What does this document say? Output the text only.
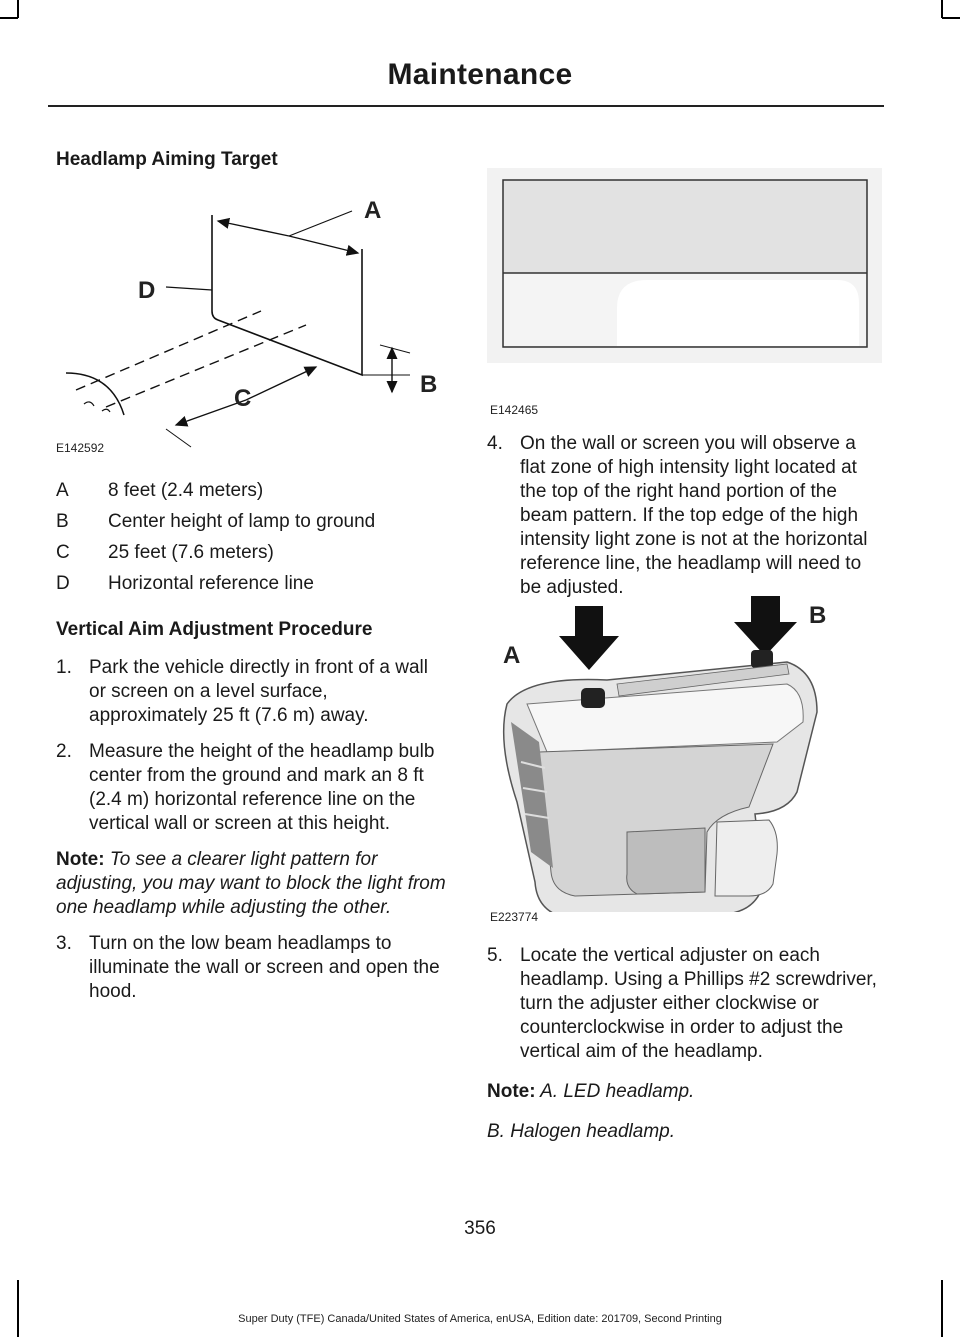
Maintenance
Headlamp Aiming Target
A
D
B
C
E142592
A	8 feet (2.4 meters)
B	Center height of lamp to ground
C	25 feet (7.6 meters)
D	Horizontal reference line
Vertical Aim Adjustment Procedure
1. Park the vehicle directly in front of a wall or screen on a level surface, approximately 25 ft (7.6 m) away.
2. Measure the height of the headlamp bulb center from the ground and mark an 8 ft (2.4 m) horizontal reference line on the vertical wall or screen at this height.

Note: To see a clearer light pattern for adjusting, you may want to block the light from one headlamp while adjusting the other.

3. Turn on the low beam headlamps to illuminate the wall or screen and open the hood.
E142465
4. On the wall or screen you will observe a flat zone of high intensity light located at the top of the right hand portion of the beam pattern. If the top edge of the high intensity light zone is not at the horizontal reference line, the headlamp will need to be adjusted.
A
B
E223774
5. Locate the vertical adjuster on each headlamp. Using a Phillips #2 screwdriver, turn the adjuster either clockwise or counterclockwise in order to adjust the vertical aim of the headlamp.

Note: A. LED headlamp.

B. Halogen headlamp.

356
Super Duty (TFE) Canada/United States of America, enUSA, Edition date: 201709, Second Printing
